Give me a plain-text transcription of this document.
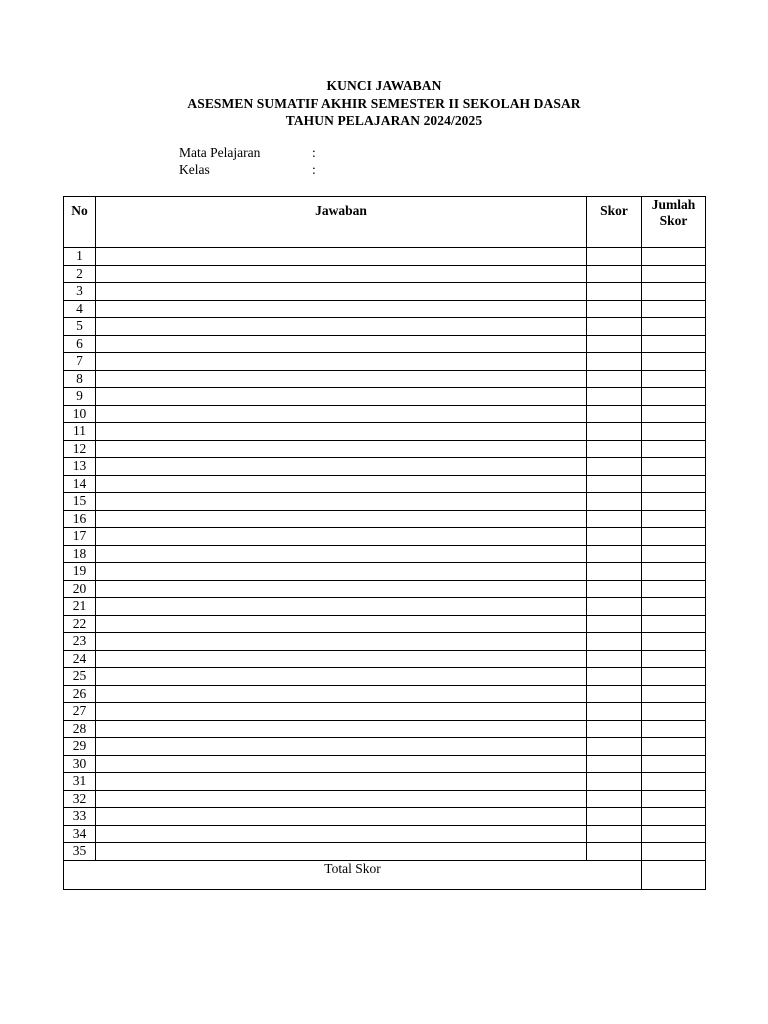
KUNCI JAWABAN
ASESMEN SUMATIF AKHIR SEMESTER II SEKOLAH DASAR
TAHUN PELAJARAN 2024/2025
Mata Pelajaran	:
Kelas	:
No	Jawaban	Skor	Jumlah Skor
1			
2			
3			
4			
5			
6			
7			
8			
9			
10			
11			
12			
13			
14			
15			
16			
17			
18			
19			
20			
21			
22			
23			
24			
25			
26			
27			
28			
29			
30			
31			
32			
33			
34			
35			
Total Skor			
